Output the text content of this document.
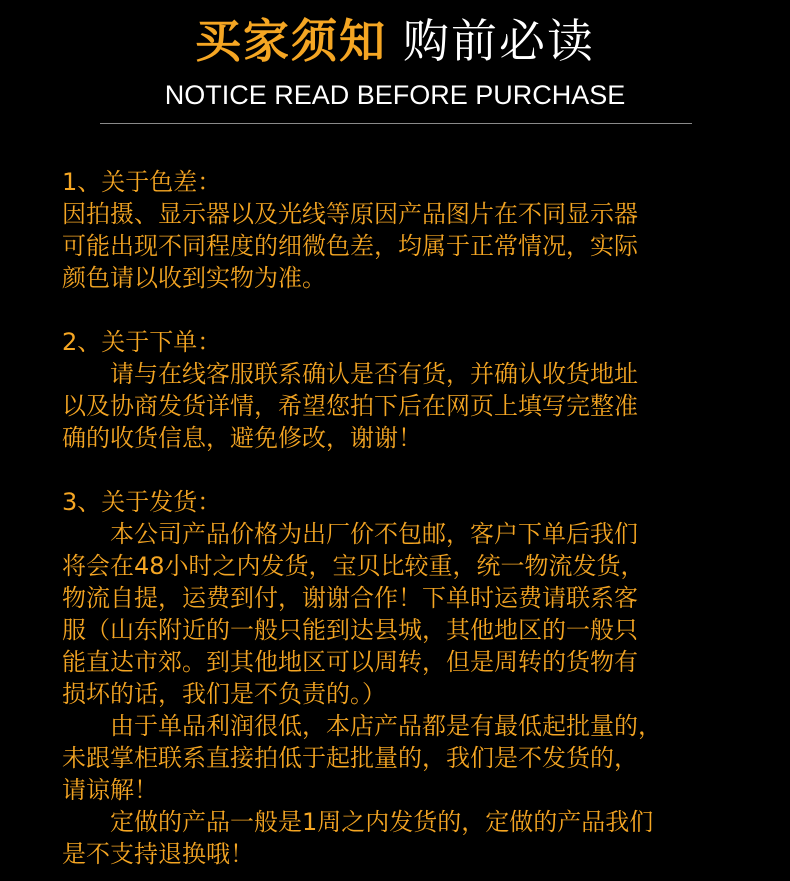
买家须知 购前必读
NOTICE READ BEFORE PURCHASE
1、关于色差：
因拍摄、显示器以及光线等原因产品图片在不同显示器
可能出现不同程度的细微色差，均属于正常情况，实际
颜色请以收到实物为准。
2、关于下单：
请与在线客服联系确认是否有货，并确认收货地址
以及协商发货详情，希望您拍下后在网页上填写完整准
确的收货信息，避免修改，谢谢！
3、关于发货：
本公司产品价格为出厂价不包邮，客户下单后我们
将会在48小时之内发货，宝贝比较重，统一物流发货，
物流自提，运费到付，谢谢合作！下单时运费请联系客
服（山东附近的一般只能到达县城，其他地区的一般只
能直达市郊。到其他地区可以周转，但是周转的货物有
损坏的话，我们是不负责的。）
由于单品利润很低，本店产品都是有最低起批量的，
未跟掌柜联系直接拍低于起批量的，我们是不发货的，
请谅解！
定做的产品一般是1周之内发货的，定做的产品我们
是不支持退换哦！
